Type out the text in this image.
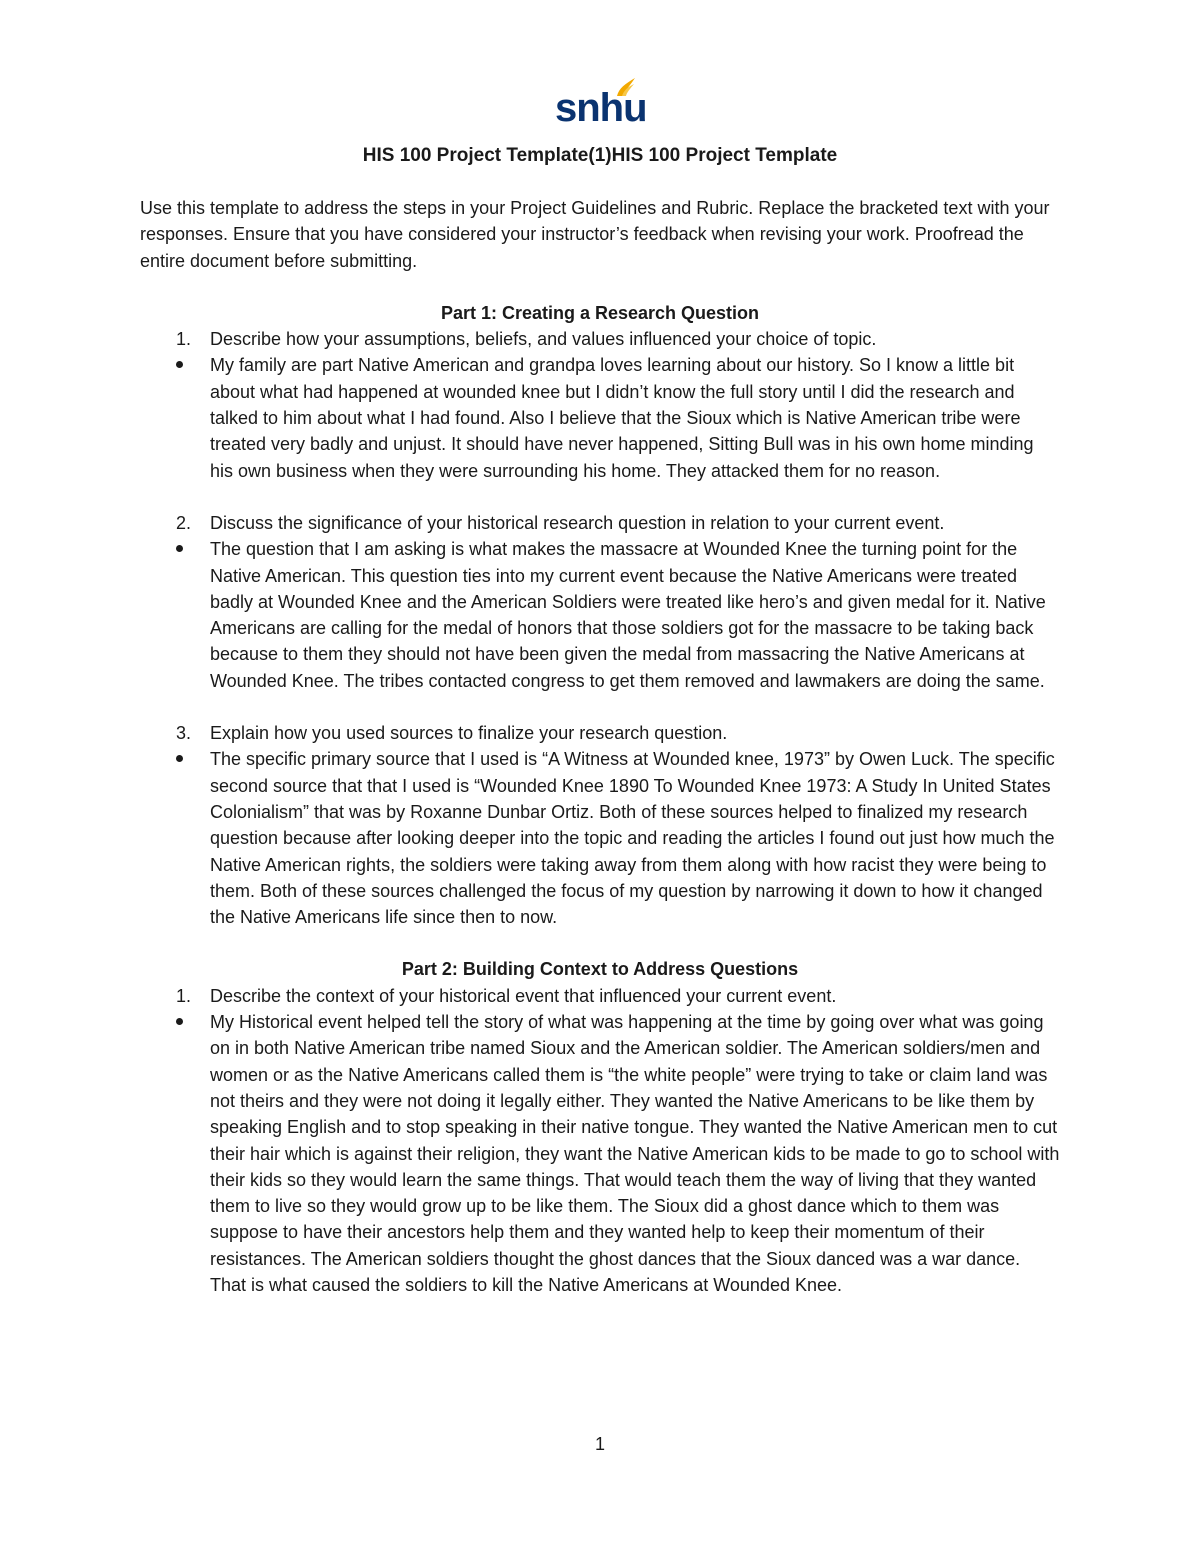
snhu
HIS 100 Project Template(1)HIS 100 Project Template

Use this template to address the steps in your Project Guidelines and Rubric. Replace the bracketed text with your responses. Ensure that you have considered your instructor’s feedback when revising your work. Proofread the entire document before submitting.

Part 1: Creating a Research Question

1. Describe how your assumptions, beliefs, and values influenced your choice of topic.
My family are part Native American and grandpa loves learning about our history. So I know a little bit about what had happened at wounded knee but I didn’t know the full story until I did the research and talked to him about what I had found. Also I believe that the Sioux which is Native American tribe were treated very badly and unjust. It should have never happened, Sitting Bull was in his own home minding his own business when they were surrounding his home. They attacked them for no reason.
2. Discuss the significance of your historical research question in relation to your current event.
The question that I am asking is what makes the massacre at Wounded Knee the turning point for the Native American. This question ties into my current event because the Native Americans were treated badly at Wounded Knee and the American Soldiers were treated like hero’s and given medal for it. Native Americans are calling for the medal of honors that those soldiers got for the massacre to be taking back because to them they should not have been given the medal from massacring the Native Americans at Wounded Knee. The tribes contacted congress to get them removed and lawmakers are doing the same.
3. Explain how you used sources to finalize your research question.
The specific primary source that I used is “A Witness at Wounded knee, 1973” by Owen Luck. The specific second source that that I used is “Wounded Knee 1890 To Wounded Knee 1973: A Study In United States Colonialism” that was by Roxanne Dunbar Ortiz. Both of these sources helped to finalized my research question because after looking deeper into the topic and reading the articles I found out just how much the Native American rights, the soldiers were taking away from them along with how racist they were being to them. Both of these sources challenged the focus of my question by narrowing it down to how it changed the Native Americans life since then to now.

Part 2: Building Context to Address Questions

1. Describe the context of your historical event that influenced your current event.
My Historical event helped tell the story of what was happening at the time by going over what was going on in both Native American tribe named Sioux and the American soldier. The American soldiers/men and women or as the Native Americans called them is “the white people” were trying to take or claim land was not theirs and they were not doing it legally either. They wanted the Native Americans to be like them by speaking English and to stop speaking in their native tongue. They wanted the Native American men to cut their hair which is against their religion, they want the Native American kids to be made to go to school with their kids so they would learn the same things. That would teach them the way of living that they wanted them to live so they would grow up to be like them. The Sioux did a ghost dance which to them was suppose to have their ancestors help them and they wanted help to keep their momentum of their resistances. The American soldiers thought the ghost dances that the Sioux danced was a war dance. That is what caused the soldiers to kill the Native Americans at Wounded Knee.
1
